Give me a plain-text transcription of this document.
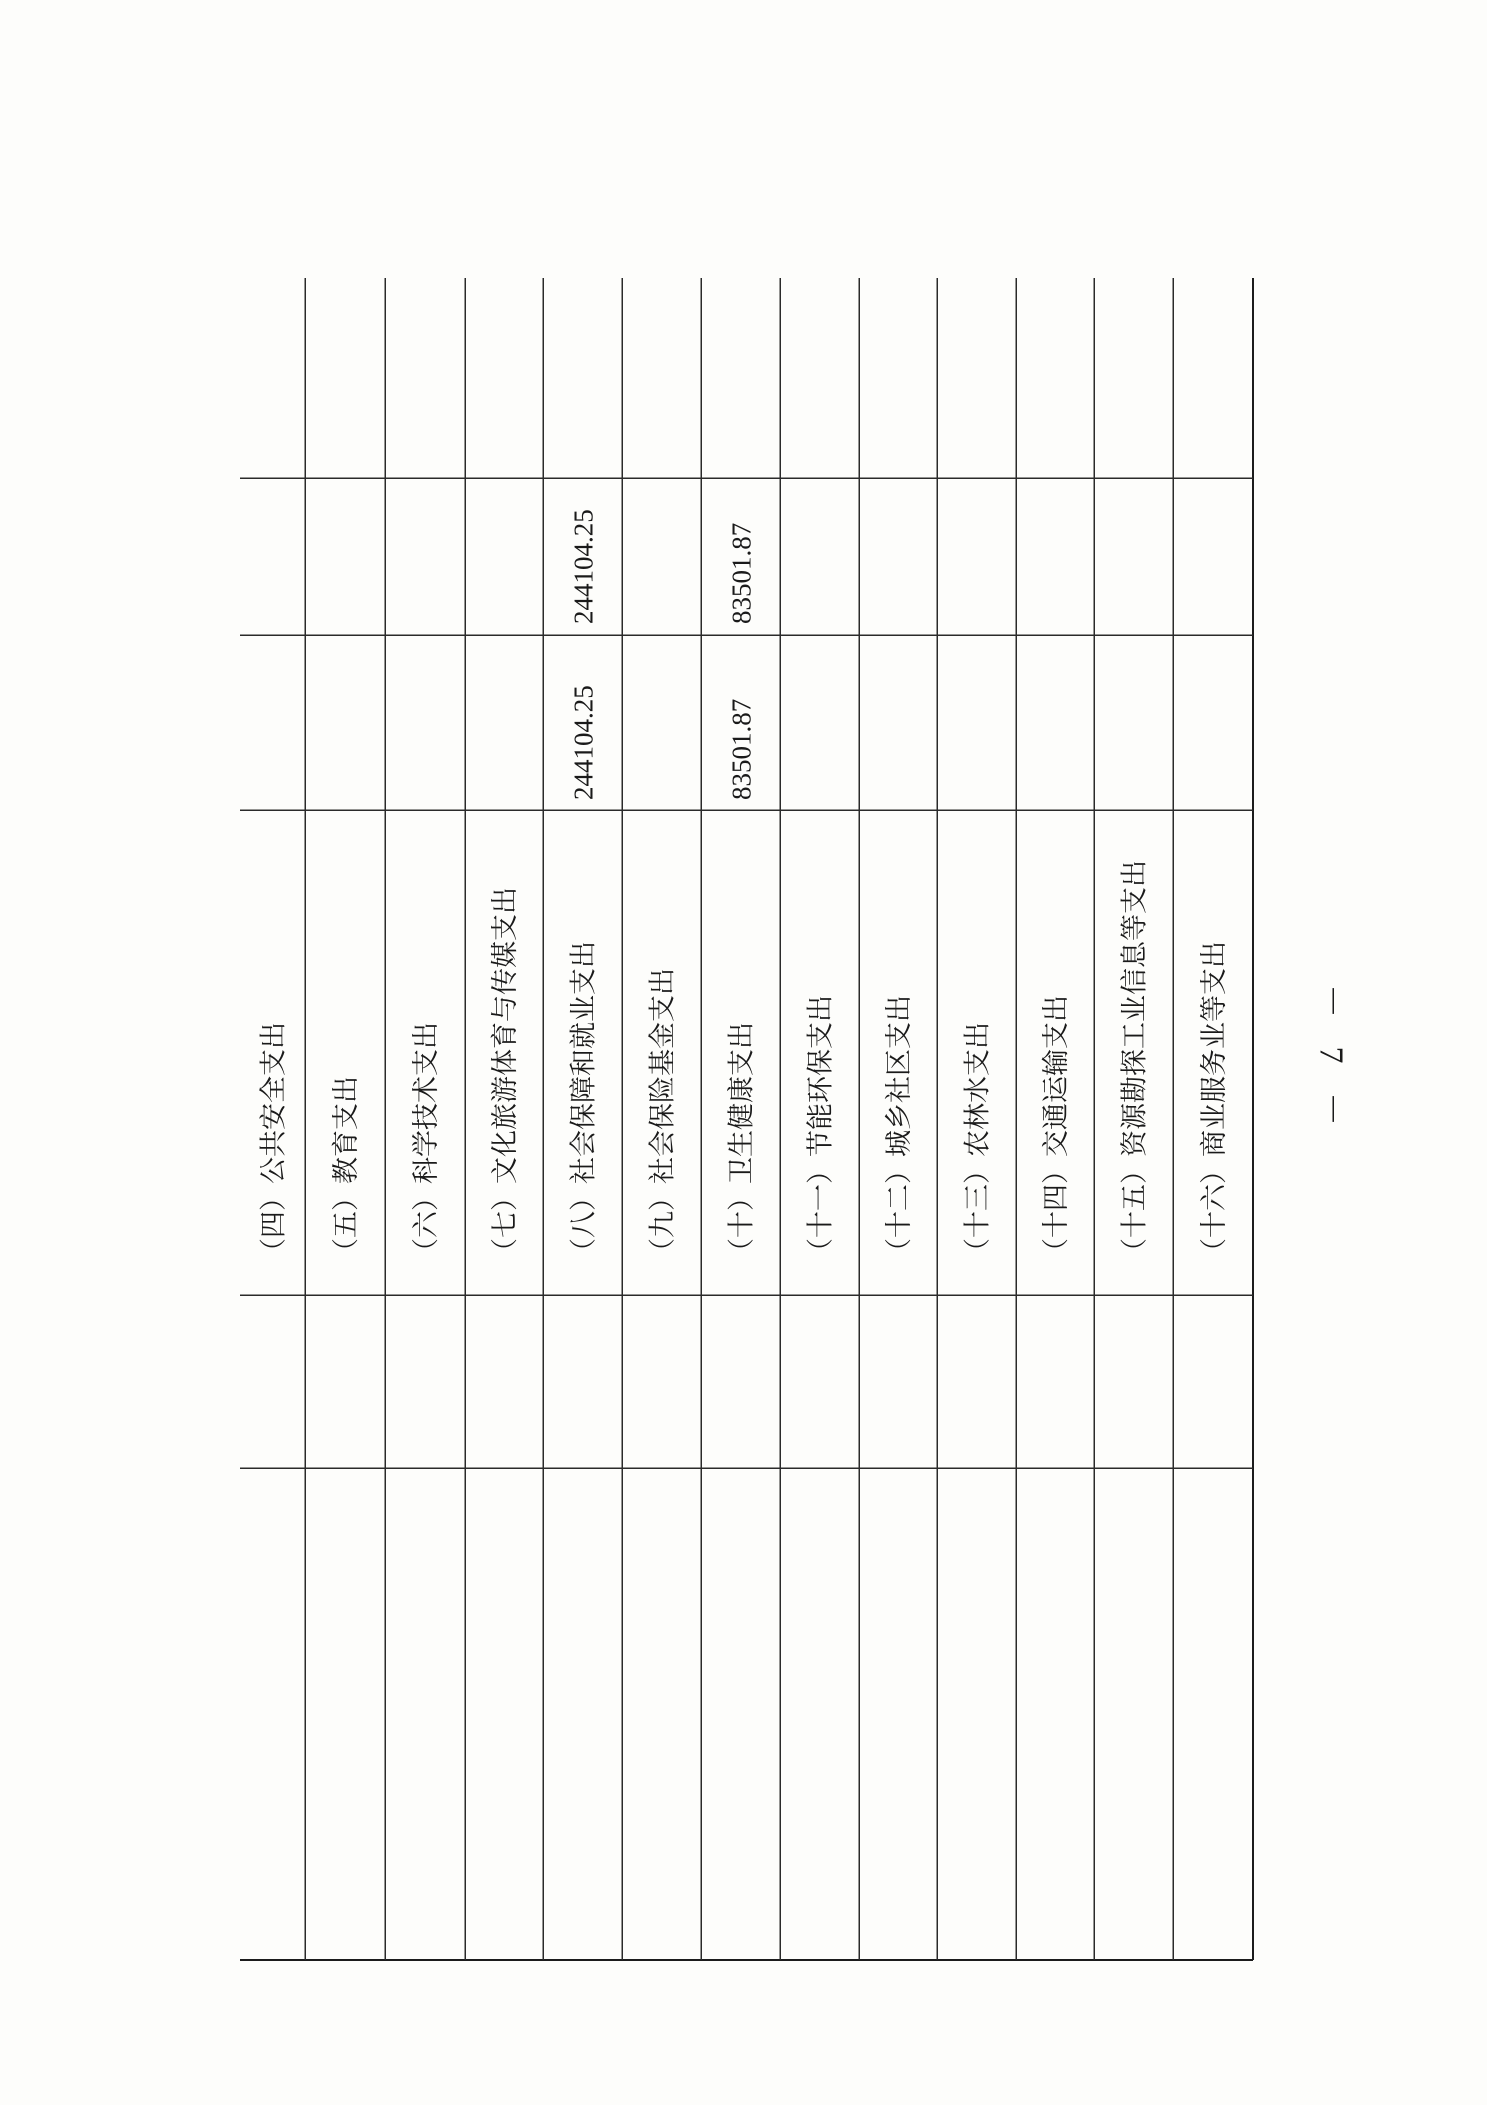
（四）公共安全支出 （五）教育支出 （六）科学技术支出 （七）文化旅游体育与传媒支出 （八）社会保障和就业支出
244104.25
244104.25
（九）社会保险基金支出 （十）卫生健康支出
83501.87
83501.87
（十一）节能环保支出 （十二）城乡社区支出 （十三）农林水支出 （十四）交通运输支出 （十五）资源勘探工业信息等支出 （十六）商业服务业等支出 － 7 －
